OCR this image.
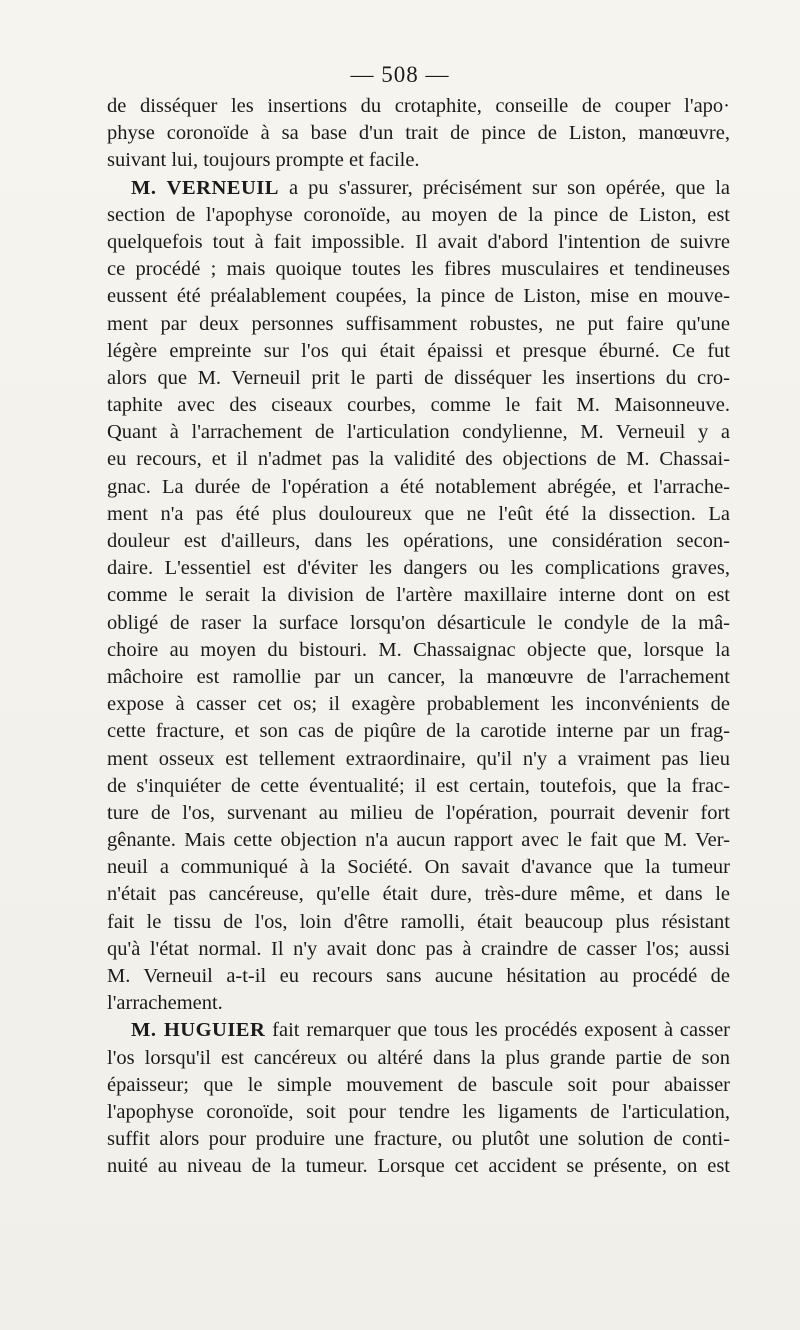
— 508 —
de disséquer les insertions du crotaphite, conseille de couper l'apo·
physe coronoïde à sa base d'un trait de pince de Liston, manœuvre,
suivant lui, toujours prompte et facile.
M. VERNEUIL a pu s'assurer, précisément sur son opérée, que la
section de l'apophyse coronoïde, au moyen de la pince de Liston, est
quelquefois tout à fait impossible. Il avait d'abord l'intention de suivre
ce procédé ; mais quoique toutes les fibres musculaires et tendineuses
eussent été préalablement coupées, la pince de Liston, mise en mouve-
ment par deux personnes suffisamment robustes, ne put faire qu'une
légère empreinte sur l'os qui était épaissi et presque éburné. Ce fut
alors que M. Verneuil prit le parti de disséquer les insertions du cro-
taphite avec des ciseaux courbes, comme le fait M. Maisonneuve.
Quant à l'arrachement de l'articulation condylienne, M. Verneuil y a
eu recours, et il n'admet pas la validité des objections de M. Chassai-
gnac. La durée de l'opération a été notablement abrégée, et l'arrache-
ment n'a pas été plus douloureux que ne l'eût été la dissection. La
douleur est d'ailleurs, dans les opérations, une considération secon-
daire. L'essentiel est d'éviter les dangers ou les complications graves,
comme le serait la division de l'artère maxillaire interne dont on est
obligé de raser la surface lorsqu'on désarticule le condyle de la mâ-
choire au moyen du bistouri. M. Chassaignac objecte que, lorsque la
mâchoire est ramollie par un cancer, la manœuvre de l'arrachement
expose à casser cet os; il exagère probablement les inconvénients de
cette fracture, et son cas de piqûre de la carotide interne par un frag-
ment osseux est tellement extraordinaire, qu'il n'y a vraiment pas lieu
de s'inquiéter de cette éventualité; il est certain, toutefois, que la frac-
ture de l'os, survenant au milieu de l'opération, pourrait devenir fort
gênante. Mais cette objection n'a aucun rapport avec le fait que M. Ver-
neuil a communiqué à la Société. On savait d'avance que la tumeur
n'était pas cancéreuse, qu'elle était dure, très-dure même, et dans le
fait le tissu de l'os, loin d'être ramolli, était beaucoup plus résistant
qu'à l'état normal. Il n'y avait donc pas à craindre de casser l'os; aussi
M. Verneuil a-t-il eu recours sans aucune hésitation au procédé de
l'arrachement.
M. HUGUIER fait remarquer que tous les procédés exposent à casser
l'os lorsqu'il est cancéreux ou altéré dans la plus grande partie de son
épaisseur; que le simple mouvement de bascule soit pour abaisser
l'apophyse coronoïde, soit pour tendre les ligaments de l'articulation,
suffit alors pour produire une fracture, ou plutôt une solution de conti-
nuité au niveau de la tumeur. Lorsque cet accident se présente, on est
